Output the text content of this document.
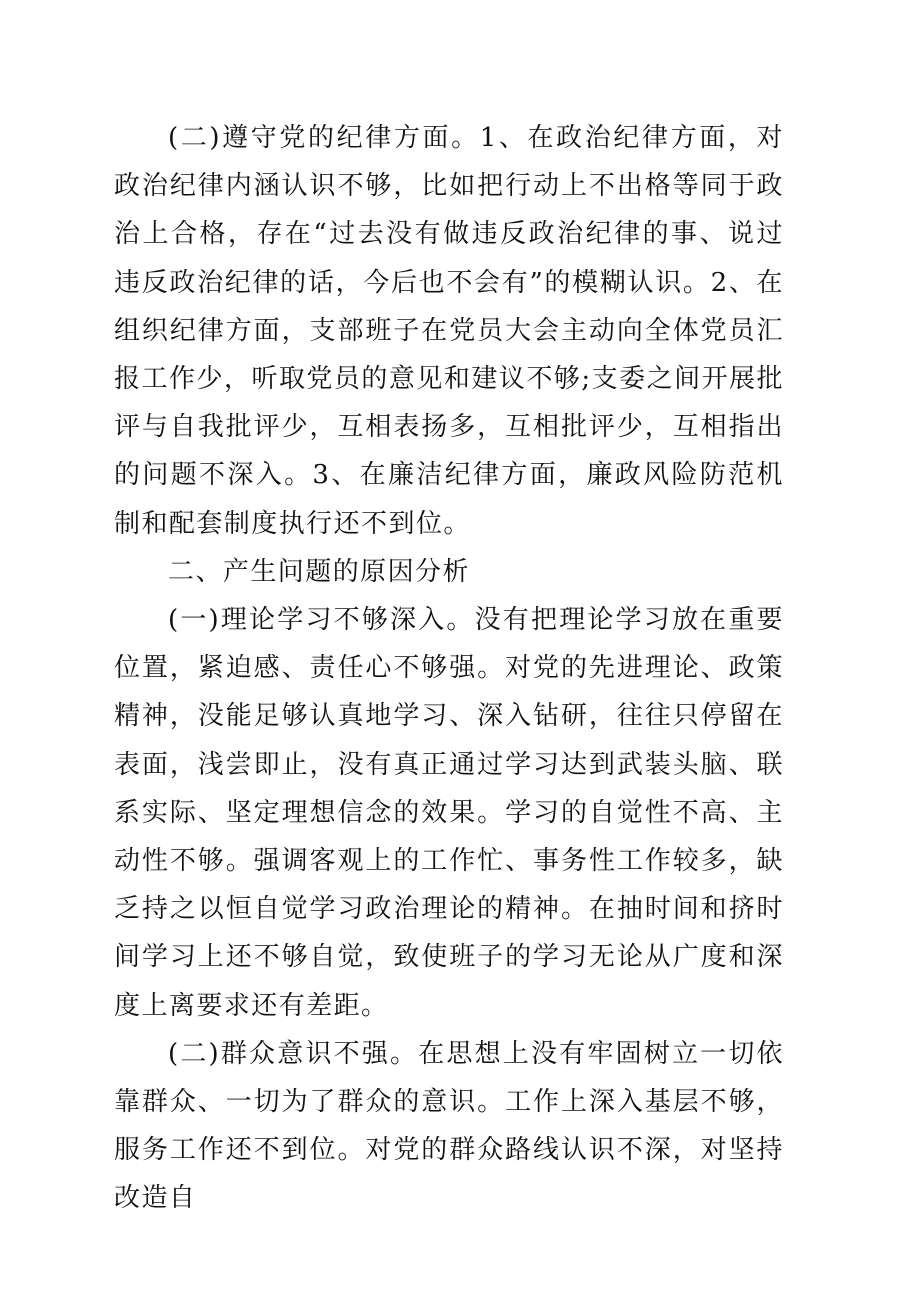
(二)遵守党的纪律方面。1、在政治纪律方面，对政治纪律内涵认识不够，比如把行动上不出格等同于政治上合格，存在“过去没有做违反政治纪律的事、说过违反政治纪律的话，今后也不会有”的模糊认识。2、在组织纪律方面，支部班子在党员大会主动向全体党员汇报工作少，听取党员的意见和建议不够;支委之间开展批评与自我批评少，互相表扬多，互相批评少，互相指出的问题不深入。3、在廉洁纪律方面，廉政风险防范机制和配套制度执行还不到位。

二、产生问题的原因分析

(一)理论学习不够深入。没有把理论学习放在重要位置，紧迫感、责任心不够强。对党的先进理论、政策精神，没能足够认真地学习、深入钻研，往往只停留在表面，浅尝即止，没有真正通过学习达到武装头脑、联系实际、坚定理想信念的效果。学习的自觉性不高、主动性不够。强调客观上的工作忙、事务性工作较多，缺乏持之以恒自觉学习政治理论的精神。在抽时间和挤时间学习上还不够自觉，致使班子的学习无论从广度和深度上离要求还有差距。

(二)群众意识不强。在思想上没有牢固树立一切依靠群众、一切为了群众的意识。工作上深入基层不够，服务工作还不到位。对党的群众路线认识不深，对坚持改造自
